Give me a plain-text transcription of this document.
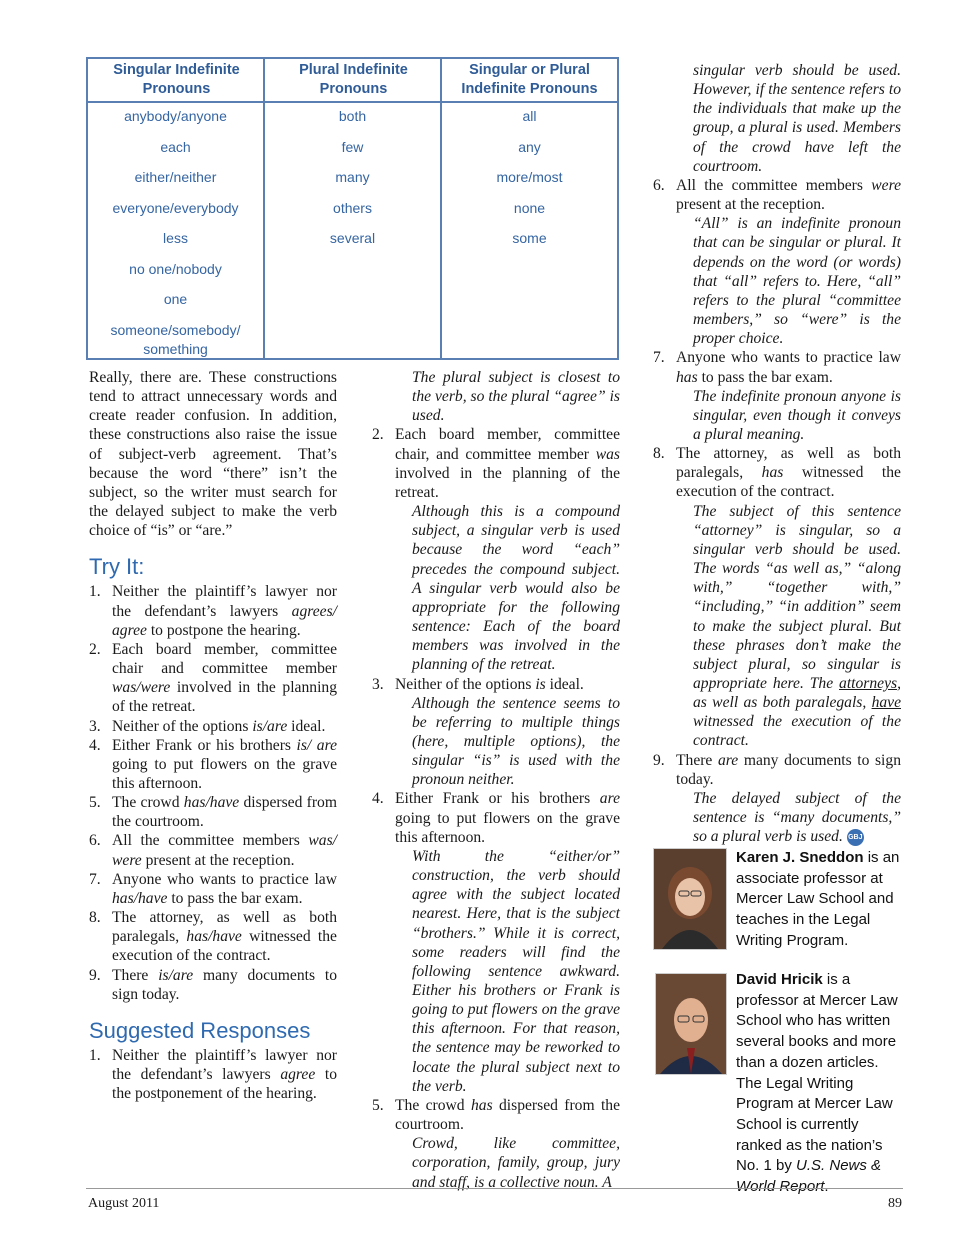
Singular Indefinite Pronouns
Plural Indefinite Pronouns
Singular or Plural Indefinite Pronouns
anybody/anyone
each
either/neither
everyone/everybody
less
no one/nobody
one
someone/somebody/ something
both
few
many
others
several
all
any
more/most
none
some

Really, there are. These constructions tend to attract unnecessary words and create reader confusion. In addition, these constructions also raise the issue of subject-verb agreement. That’s because the word “there” isn’t the subject, so the writer must search for the delayed subject to make the verb choice of “is” or “are.”

Try It:
1. Neither the plaintiff’s lawyer nor the defendant’s lawyers agrees/ agree to postpone the hearing.
2. Each board member, committee chair and committee member was/were involved in the planning of the retreat.
3. Neither of the options is/are ideal.
4. Either Frank or his brothers is/ are going to put flowers on the grave this afternoon.
5. The crowd has/have dispersed from the courtroom.
6. All the committee members was/ were present at the reception.
7. Anyone who wants to practice law has/have to pass the bar exam.
8. The attorney, as well as both paralegals, has/have witnessed the execution of the contract.
9. There is/are many documents to sign today.
Suggested Responses
1. Neither the plaintiff’s lawyer nor the defendant’s lawyers agree to the postponement of the hearing.
The plural subject is closest to the verb, so the plural “agree” is used.
2. Each board member, committee chair, and committee member was involved in the planning of the retreat.
Although this is a compound subject, a singular verb is used because the word “each” precedes the compound subject. A singular verb would also be appropriate for the following sentence: Each of the board members was involved in the planning of the retreat.
3. Neither of the options is ideal.
Although the sentence seems to be referring to multiple things (here, multiple options), the singular “is” is used with the pronoun neither.
4. Either Frank or his brothers are going to put flowers on the grave this afternoon.
With the “either/or” construction, the verb should agree with the subject located nearest. Here, that is the subject “brothers.” While it is correct, some readers will find the following sentence awkward. Either his brothers or Frank is going to put flowers on the grave this afternoon. For that reason, the sentence may be reworked to locate the plural subject next to the verb.
5. The crowd has dispersed from the courtroom.
Crowd, like committee, corporation, family, group, jury and staff, is a collective noun. A
singular verb should be used. However, if the sentence refers to the individuals that make up the group, a plural is used. Members of the crowd have left the courtroom.
6. All the committee members were present at the reception.
“All” is an indefinite pronoun that can be singular or plural. It depends on the word (or words) that “all” refers to. Here, “all” refers to the plural “committee members,” so “were” is the proper choice.
7. Anyone who wants to practice law has to pass the bar exam.
The indefinite pronoun anyone is singular, even though it conveys a plural meaning.
8. The attorney, as well as both paralegals, has witnessed the execution of the contract.
The subject of this sentence “attorney” is singular, so a singular verb should be used. The words “as well as,” “along with,” “together with,” “including,” “in addition” seem to make the subject plural. But these phrases don’t make the subject plural, so singular is appropriate here. The attorneys, as well as both paralegals, have witnessed the execution of the contract.
9. There are many documents to sign today.
The delayed subject of the sentence is “many documents,” so a plural verb is used. GBJ
Karen J. Sneddon is an associate professor at Mercer Law School and teaches in the Legal Writing Program.
David Hricik is a professor at Mercer Law School who has written several books and more than a dozen articles. The Legal Writing Program at Mercer Law School is currently ranked as the nation’s No. 1 by U.S. News & World Report.
August 2011	89
